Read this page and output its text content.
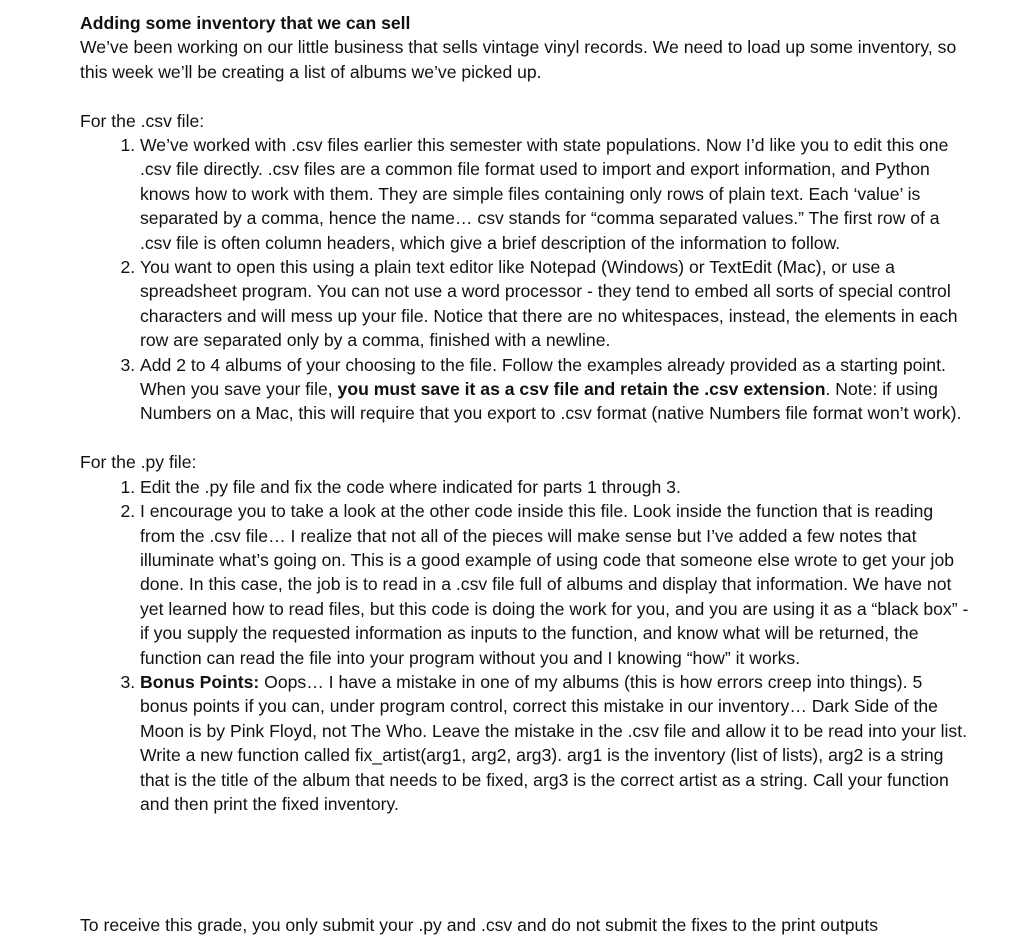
Adding some inventory that we can sell

We’ve been working on our little business that sells vintage vinyl records. We need to load up some inventory, so this week we’ll be creating a list of albums we’ve picked up.

For the .csv file:

1. We’ve worked with .csv files earlier this semester with state populations. Now I’d like you to edit this one .csv file directly. .csv files are a common file format used to import and export information, and Python knows how to work with them. They are simple files containing only rows of plain text. Each ‘value’ is separated by a comma, hence the name… csv stands for “comma separated values.” The first row of a .csv file is often column headers, which give a brief description of the information to follow.
2. You want to open this using a plain text editor like Notepad (Windows) or TextEdit (Mac), or use a spreadsheet program. You can not use a word processor - they tend to embed all sorts of special control characters and will mess up your file. Notice that there are no whitespaces, instead, the elements in each row are separated only by a comma, finished with a newline.
3. Add 2 to 4 albums of your choosing to the file. Follow the examples already provided as a starting point. When you save your file, you must save it as a csv file and retain the .csv extension. Note: if using Numbers on a Mac, this will require that you export to .csv format (native Numbers file format won’t work).

For the .py file:

1. Edit the .py file and fix the code where indicated for parts 1 through 3.
2. I encourage you to take a look at the other code inside this file. Look inside the function that is reading from the .csv file… I realize that not all of the pieces will make sense but I’ve added a few notes that illuminate what’s going on. This is a good example of using code that someone else wrote to get your job done. In this case, the job is to read in a .csv file full of albums and display that information. We have not yet learned how to read files, but this code is doing the work for you, and you are using it as a “black box” - if you supply the requested information as inputs to the function, and know what will be returned, the function can read the file into your program without you and I knowing “how” it works.
3. Bonus Points: Oops… I have a mistake in one of my albums (this is how errors creep into things). 5 bonus points if you can, under program control, correct this mistake in our inventory… Dark Side of the Moon is by Pink Floyd, not The Who. Leave the mistake in the .csv file and allow it to be read into your list. Write a new function called fix_artist(arg1, arg2, arg3). arg1 is the inventory (list of lists), arg2 is a string that is the title of the album that needs to be fixed, arg3 is the correct artist as a string. Call your function and then print the fixed inventory.
To receive this grade, you only submit your .py and .csv and do not submit the fixes to the print outputs
